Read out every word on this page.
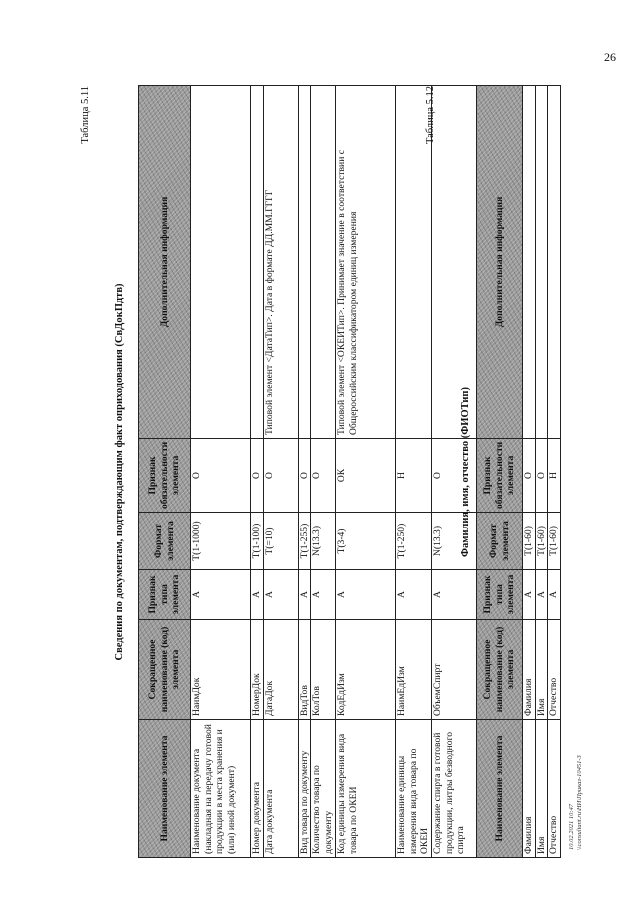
26
Таблица 5.11
Сведения по документам, подтверждающим факт оприходования (СвДокПдтв)
Наименование элемента	Сокращенное наименование (код) элемента	Признак типа элемента	Формат элемента	Признак обязательности элемента	Дополнительная информация
Наименование документа (накладная на передачу готовой продукции в места хранения и (или) иной документ)	НаимДок	А	T(1-1000)	О	
Номер документа	НомерДок	А	T(1-100)	О	
Дата документа	ДатаДок	А	T(=10)	О	Типовой элемент <ДатаТип>. Дата в формате ДД.ММ.ГГГГ
Вид товара по документу	ВидТов	А	T(1-255)	О	
Количество товара по документу	КолТов	А	N(13.3)	О	
Код единицы измерения вида товара по ОКЕИ	КодЕдИзм	А	T(3-4)	ОК	Типовой элемент <ОКЕИТип>. Принимает значение в соответствии с Общероссийским классификатором единиц измерения
Наименование единицы измерения вида товара по ОКЕИ	НаимЕдИзм	А	T(1-250)	Н	
Содержание спирта в готовой продукции, литры безводного спирта	ОбъемСпирт	А	N(13.3)	О	
Таблица 5.12
Фамилия, имя, отчество (ФИОТип)
Наименование элемента	Сокращенное наименование (код) элемента	Признак типа элемента	Формат элемента	Признак обязательности элемента	Дополнительная информация
Фамилия	Фамилия	А	T(1-60)	О	
Имя	Имя	А	T(1-60)	О	
Отчество	Отчество	А	T(1-60)	Н	
10.02.2021 10:47 \\consultant.ru\НИ\Приказ-10451-3
